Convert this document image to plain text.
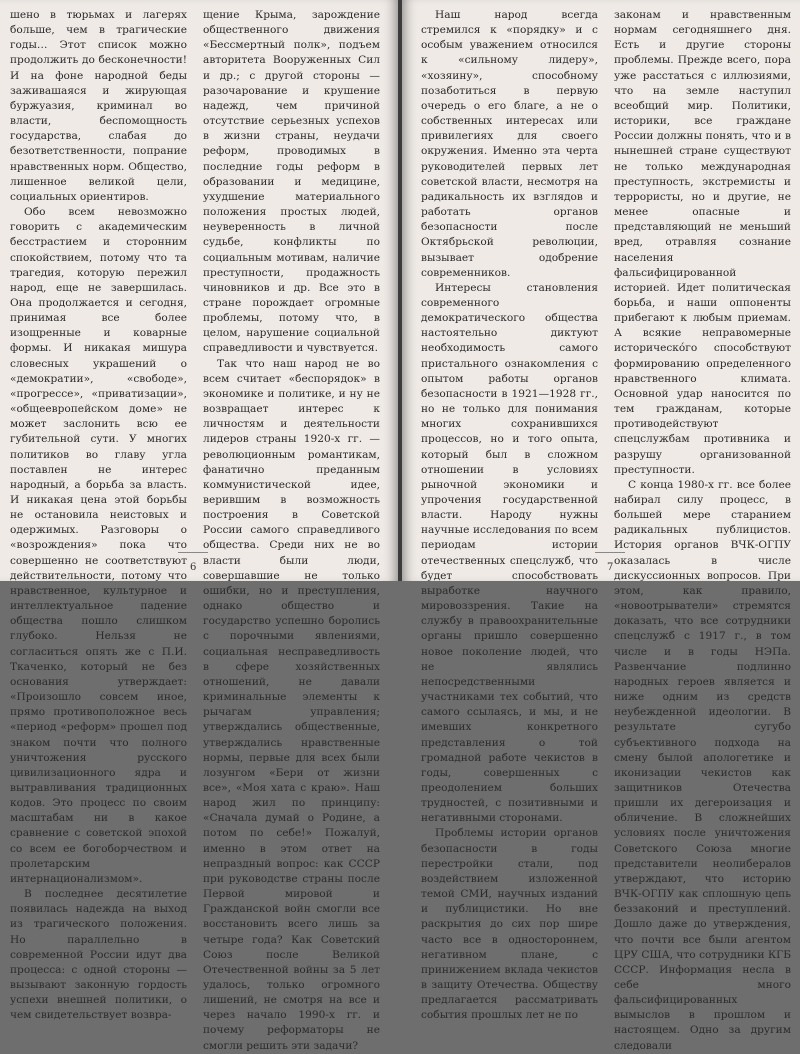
шено в тюрьмах и лагерях больше, чем в трагические годы… Этот список можно продолжить до бесконечности! И на фоне народной беды заживашаяся и жирующая буржуазия, криминал во власти, беспомощность государства, слабая до безответственности, попрание нравственных норм. Общество, лишенное великой цели, социальных ориентиров.

Обо всем невозможно говорить с академическим бесстрастием и сторонним спокойствием, потому что та трагедия, которую пережил народ, еще не завершилась. Она продолжается и сегодня, принимая все более изощренные и коварные формы. И никакая мишура словесных украшений о «демократии», «свободе», «прогрессе», «приватизации», «общеевропейском доме» не может заслонить всю ее губительной сути. У многих политиков во главу угла поставлен не интерес народный, а борьба за власть. И никакая цена этой борьбы не остановила неистовых и одержимых. Разговоры о «возрождения» пока что совершенно не соответствуют действительности, потому что нравственное, культурное и интеллектуальное падение общества пошло слишком глубоко. Нельзя не согласиться опять же с П.И. Ткаченко, который не без основания утверждает: «Произошло совсем иное, прямо противоположное весь «период «реформ» прошел под знаком почти что полного уничтожения русского цивилизационного ядра и вытравливания традиционных кодов. Это процесс по своим масштабам ни в какое сравнение с советской эпохой со всем ее богоборчеством и пролетарским интернационализмом».

В последнее десятилетие появилась надежда на выход из трагического положения. Но параллельно в современной России идут два процесса: с одной стороны — вызывают законную гордость успехи внешней политики, о чем свидетельствует возвра-

щение Крыма, зарождение общественного движения «Бессмертный полк», подъем авторитета Вооруженных Сил и др.; с другой стороны — разочарование и крушение надежд, чем причиной отсутствие серьезных успехов в жизни страны, неудачи реформ, проводимых в последние годы реформ в образовании и медицине, ухудшение материального положения простых людей, неуверенность в личной судьбе, конфликты по социальным мотивам, наличие преступности, продажность чиновников и др. Все это в стране порождает огромные проблемы, потому что, в целом, нарушение социальной справедливости и чувствуется.

Так что наш народ не во всем считает «беспорядок» в экономике и политике, и ну не возвращает интерес к личностям и деятельности лидеров страны 1920-х гг. — революционным романтикам, фанатично преданным коммунистической идее, верившим в возможность построения в Советской России самого справедливого общества. Среди них не во власти были люди, совершавшие не только ошибки, но и преступления, однако общество и государство успешно боролись с порочными явлениями, социальная несправедливость в сфере хозяйственных отношений, не давали криминальные элементы к рычагам управления; утверждались общественные, утверждались нравственные нормы, первые для всех были лозунгом «Бери от жизни все», «Моя хата с краю». Наш народ жил по принципу: «Сначала думай о Родине, а потом по себе!» Пожалуй, именно в этом ответ на непраздный вопрос: как СССР при руководстве страны после Первой мировой и Гражданской войн смогли все восстановить всего лишь за четыре года? Как Советский Союз после Великой Отечественной войны за 5 лет удалось, только огромного лишений, не смотря на все и через начало 1990-х гг. и почему реформаторы не смогли решить эти задачи?

6

Наш народ всегда стремился к «порядку» и с особым уважением относился к «сильному лидеру», «хозяину», способному позаботиться в первую очередь о его благе, а не о собственных интересах или привилегиях для своего окружения. Именно эта черта руководителей первых лет советской власти, несмотря на радикальность их взглядов и работать органов безопасности после Октябрьской революции, вызывает одобрение современников.

Интересы становления современного демократического общества настоятельно диктуют необходимость самого пристального ознакомления с опытом работы органов безопасности в 1921—1928 гг., но не только для понимания многих сохранившихся процессов, но и того опыта, который был в сложном отношении в условиях рыночной экономики и упрочения государственной власти. Народу нужны научные исследования по всем периодам истории отечественных спецслужб, что будет способствовать выработке научного мировоззрения. Такие на службу в правоохранительные органы пришло совершенно новое поколение людей, что не являлись непосредственными участниками тех событий, что самого ссылаясь, и мы, и не имевших конкретного представления о той громадной работе чекистов в годы, совершенных с преодолением больших трудностей, с позитивными и негативными сторонами.

Проблемы истории органов безопасности в годы перестройки стали, под воздействием изложенной темой СМИ, научных изданий и публицистики. Но вне раскрытия до сих пор шире часто все в одностороннем, негативном плане, с принижением вклада чекистов в защиту Отечества. Обществу предлагается рассматривать события прошлых лет не по

законам и нравственным нормам сегодняшнего дня. Есть и другие стороны проблемы. Прежде всего, пора уже расстаться с иллюзиями, что на земле наступил всеобщий мир. Политики, историки, все граждане России должны понять, что и в нынешней стране существуют не только международная преступность, экстремисты и террористы, но и другие, не менее опасные и представляющий не меньший вред, отравляя сознание населения фальсифицированной историей. Идет политическая борьба, и наши оппоненты прибегают к любым приемам. А всякие неправомерные историческо́го способствуют формированию определенного нравственного климата. Основной удар наносится по тем гражданам, которые противодействуют спецслужбам противника и разрушу организованной преступности.

С конца 1980-х гг. все более набирал силу процесс, в большей мере старанием радикальных публицистов. История органов ВЧК-ОГПУ оказалась в числе дискуссионных вопросов. При этом, как правило, «новоотрыватели» стремятся доказать, что все сотрудники спецслужб с 1917 г., в том числе и в годы НЭПа. Развенчание подлинно народных героев является и ниже одним из средств неубежденной идеологии. В результате сугубо субъективного подхода на смену былой апологетике и иконизации чекистов как защитников Отечества пришли их дегероизация и обличение. В сложнейших условиях после уничтожения Советского Союза многие представители неолибералов утверждают, что историю ВЧК-ОГПУ как сплошную цепь беззаконий и преступлений. Дошло даже до утверждения, что почти все были агентом ЦРУ США, что сотрудники КГБ СССР. Информация несла в себе много фальсифицированных вымыслов в прошлом и настоящем. Одно за другим следовали

7
